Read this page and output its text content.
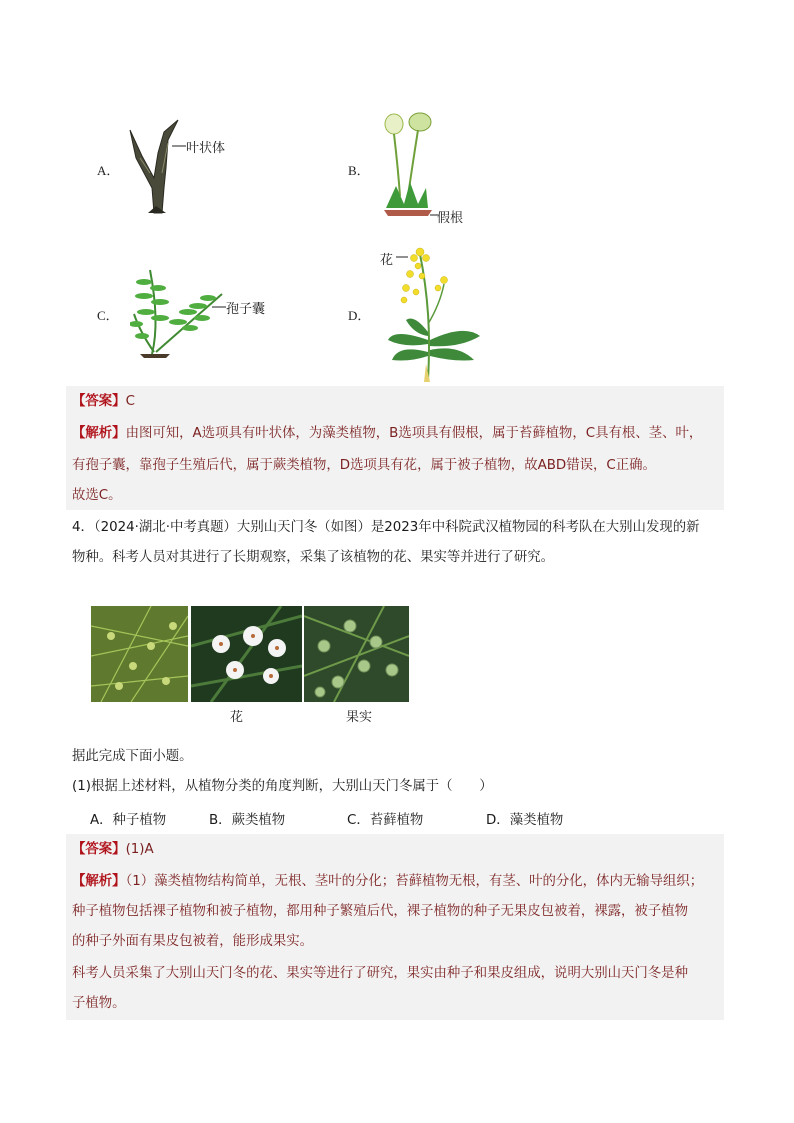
A．
叶状体
B．
假根
C．	孢子囊	D．
花
【答案】C
【解析】由图可知，A选项具有叶状体，为藻类植物，B选项具有假根，属于苔藓植物，C具有根、茎、叶，
有孢子囊，靠孢子生殖后代，属于蕨类植物，D选项具有花，属于被子植物，故ABD错误，C正确。
故选C。
4．（2024·湖北·中考真题）大别山天门冬（如图）是2023年中科院武汉植物园的科考队在大别山发现的新
物种。科考人员对其进行了长期观察，采集了该植物的花、果实等并进行了研究。
花	果实
据此完成下面小题。
(1)根据上述材料，从植物分类的角度判断，大别山天门冬属于（　　）
A．种子植物	B．蕨类植物	C．苔藓植物	D．藻类植物
【答案】(1)A
【解析】（1）藻类植物结构简单，无根、茎叶的分化；苔藓植物无根，有茎、叶的分化，体内无输导组织；
种子植物包括裸子植物和被子植物，都用种子繁殖后代，裸子植物的种子无果皮包被着，裸露，被子植物
的种子外面有果皮包被着，能形成果实。
科考人员采集了大别山天门冬的花、果实等进行了研究，果实由种子和果皮组成，说明大别山天门冬是种
子植物。
